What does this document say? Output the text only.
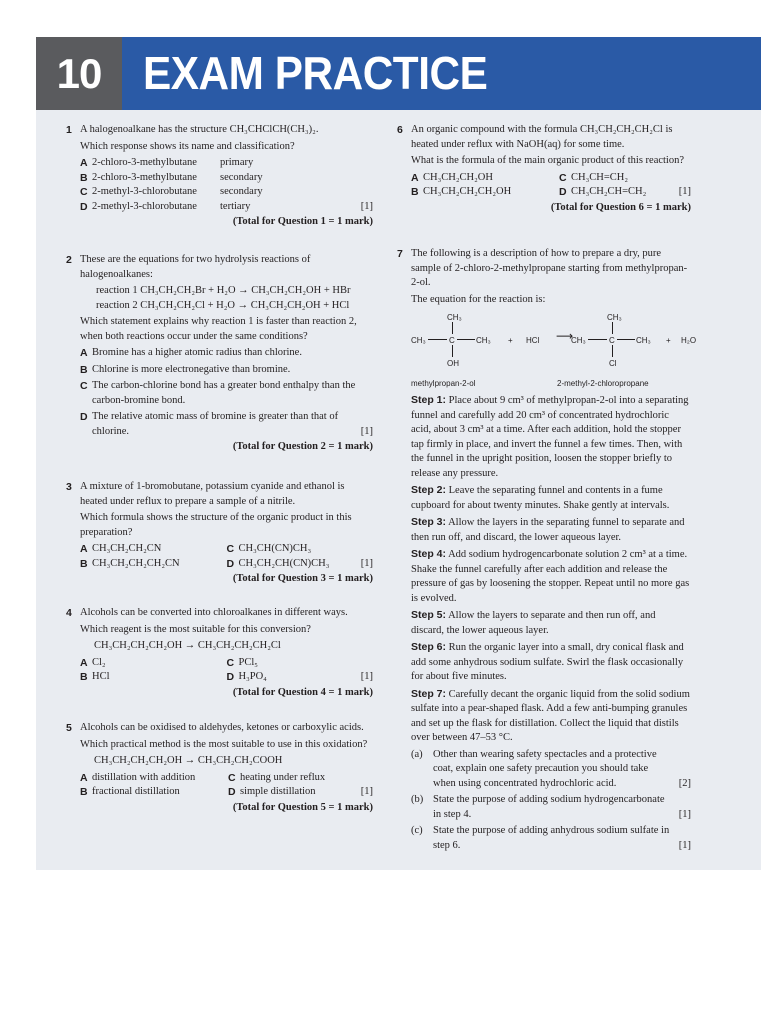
10 EXAM PRACTICE
1 A halogenoalkane has the structure CH₃CHClCH(CH₃)₂.
Which response shows its name and classification?
A 2-chloro-3-methylbutane	primary
B 2-chloro-3-methylbutane	secondary
C 2-methyl-3-chlorobutane	secondary
D 2-methyl-3-chlorobutane	tertiary	[1]
(Total for Question 1 = 1 mark)
2 These are the equations for two hydrolysis reactions of halogenoalkanes:
reaction 1 CH₃CH₂CH₂Br + H₂O → CH₃CH₂CH₂OH + HBr
reaction 2 CH₃CH₂CH₂Cl + H₂O → CH₃CH₂CH₂OH + HCl
Which statement explains why reaction 1 is faster than reaction 2, when both reactions occur under the same conditions?
A Bromine has a higher atomic radius than chlorine.
B Chlorine is more electronegative than bromine.
C The carbon-chlorine bond has a greater bond enthalpy than the carbon-bromine bond.
D The relative atomic mass of bromine is greater than that of chlorine.	[1]
(Total for Question 2 = 1 mark)
3 A mixture of 1-bromobutane, potassium cyanide and ethanol is heated under reflux to prepare a sample of a nitrile.
Which formula shows the structure of the organic product in this preparation?
A CH₃CH₂CH₂CN	C CH₃CH(CN)CH₃
B CH₃CH₂CH₂CH₂CN	D CH₃CH₂CH(CN)CH₃	[1]
(Total for Question 3 = 1 mark)
4 Alcohols can be converted into chloroalkanes in different ways.
Which reagent is the most suitable for this conversion?
CH₃CH₂CH₂CH₂OH → CH₃CH₂CH₂CH₂Cl
A Cl₂	C PCl₅
B HCl	D H₃PO₄	[1]
(Total for Question 4 = 1 mark)
5 Alcohols can be oxidised to aldehydes, ketones or carboxylic acids.
Which practical method is the most suitable to use in this oxidation?
CH₃CH₂CH₂CH₂OH → CH₃CH₂CH₂COOH
A distillation with addition	C heating under reflux
B fractional distillation	D simple distillation	[1]
(Total for Question 5 = 1 mark)
6 An organic compound with the formula CH₃CH₂CH₂CH₂Cl is heated under reflux with NaOH(aq) for some time.
What is the formula of the main organic product of this reaction?
A CH₃CH₂CH₂OH	C CH₃CH=CH₂
B CH₃CH₂CH₂CH₂OH	D CH₃CH₂CH=CH₂	[1]
(Total for Question 6 = 1 mark)
7 The following is a description of how to prepare a dry, pure sample of 2-chloro-2-methylpropane starting from methylpropan-2-ol.
The equation for the reaction is:
CH₃
CH₃	C	CH₃
OH
+ HCl ⟶
CH₃
CH₃	C	CH₃
Cl
+ H₂O
methylpropan-2-ol	2-methyl-2-chloropropane
Step 1: Place about 9 cm³ of methylpropan-2-ol into a separating funnel and carefully add 20 cm³ of concentrated hydrochloric acid, about 3 cm³ at a time. After each addition, hold the stopper tap firmly in place, and invert the funnel a few times. Then, with the funnel in the upright position, loosen the stopper briefly to release any pressure.
Step 2: Leave the separating funnel and contents in a fume cupboard for about twenty minutes. Shake gently at intervals.
Step 3: Allow the layers in the separating funnel to separate and then run off, and discard, the lower aqueous layer.
Step 4: Add sodium hydrogencarbonate solution 2 cm³ at a time. Shake the funnel carefully after each addition and release the pressure of gas by loosening the stopper. Repeat until no more gas is evolved.
Step 5: Allow the layers to separate and then run off, and discard, the lower aqueous layer.
Step 6: Run the organic layer into a small, dry conical flask and add some anhydrous sodium sulfate. Swirl the flask occasionally for about five minutes.
Step 7: Carefully decant the organic liquid from the solid sodium sulfate into a pear-shaped flask. Add a few anti-bumping granules and set up the flask for distillation. Collect the liquid that distils over between 47–53 °C.
(a) Other than wearing safety spectacles and a protective coat, explain one safety precaution you should take when using concentrated hydrochloric acid.	[2]
(b) State the purpose of adding sodium hydrogencarbonate in step 4.	[1]
(c) State the purpose of adding anhydrous sodium sulfate in step 6.	[1]
